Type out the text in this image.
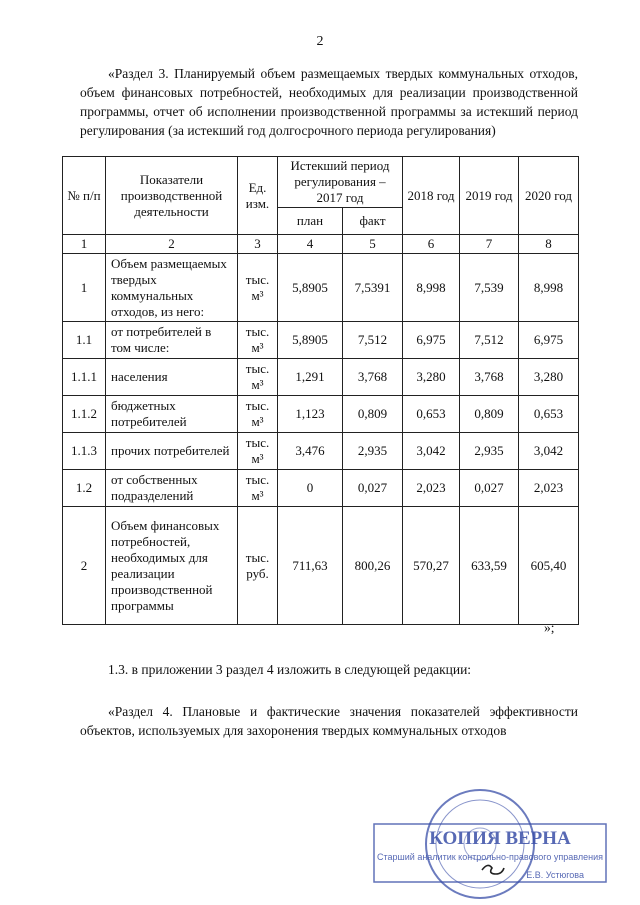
2
«Раздел 3. Планируемый объем размещаемых твердых коммунальных отходов, объем финансовых потребностей, необходимых для реализации производственной программы, отчет об исполнении производственной программы за истекший период регулирования (за истекший год долгосрочного периода регулирования)
№ п/п	Показатели производственной деятельности	Ед. изм.	Истекший период регулирования – 2017 год		2018 год	2019 год	2020 год
			план	факт			
1	2	3	4	5	6	7	8
1	Объем размещаемых твердых коммунальных отходов, из него:	тыс. м³	5,8905	7,5391	8,998	7,539	8,998
1.1	от потребителей в том числе:	тыс. м³	5,8905	7,512	6,975	7,512	6,975
1.1.1	населения	тыс. м³	1,291	3,768	3,280	3,768	3,280
1.1.2	бюджетных потребителей	тыс. м³	1,123	0,809	0,653	0,809	0,653
1.1.3	прочих потребителей	тыс. м³	3,476	2,935	3,042	2,935	3,042
1.2	от собственных подразделений	тыс. м³	0	0,027	2,023	0,027	2,023
2	Объем финансовых потребностей, необходимых для реализации производственной программы	тыс. руб.	711,63	800,26	570,27	633,59	605,40
»;
1.3. в приложении 3 раздел 4 изложить в следующей редакции:
«Раздел 4. Плановые и фактические значения показателей эффективности объектов, используемых для захоронения твердых коммунальных отходов
КОПИЯ ВЕРНА
Старший аналитик контрольно-правового управления
Е.В. Устюгова
